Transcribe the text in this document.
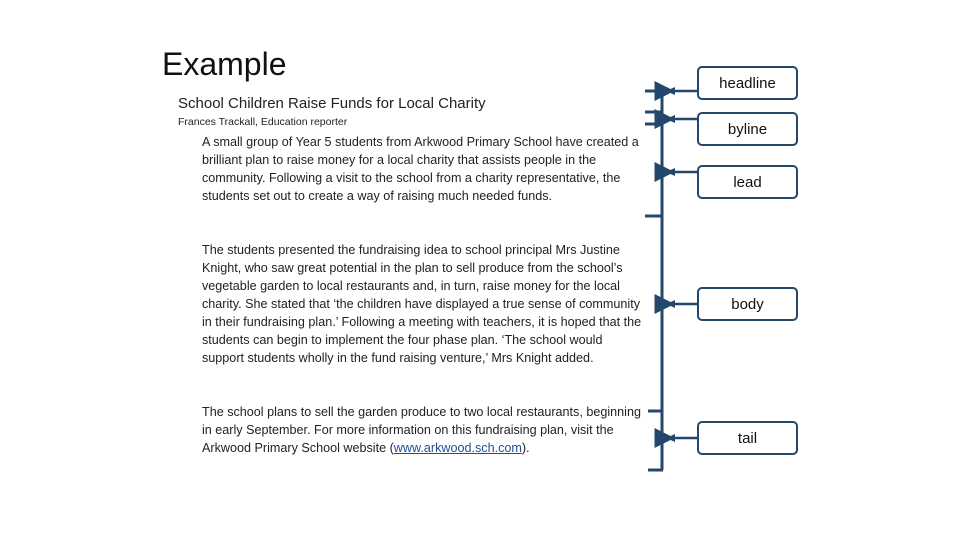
Example
School Children Raise Funds for Local Charity
Frances Trackall, Education reporter
A small group of Year 5 students from Arkwood Primary School have created a brilliant plan to raise money for a local charity that assists people in the community. Following a visit to the school from a charity representative, the students set out to create a way of raising much needed funds.
The students presented the fundraising idea to school principal Mrs Justine Knight, who saw great potential in the plan to sell produce from the school’s vegetable garden to local restaurants and, in turn, raise money for the local charity. She stated that ‘the children have displayed a true sense of community in their fundraising plan.’ Following a meeting with teachers, it is hoped that the students can begin to implement the four phase plan. ‘The school would support students wholly in the fund raising venture,’ Mrs Knight added.
The school plans to sell the garden produce to two local restaurants, beginning in early September. For more information on this fundraising plan, visit the Arkwood Primary School website (www.arkwood.sch.com).
headline
byline
lead
body
tail
